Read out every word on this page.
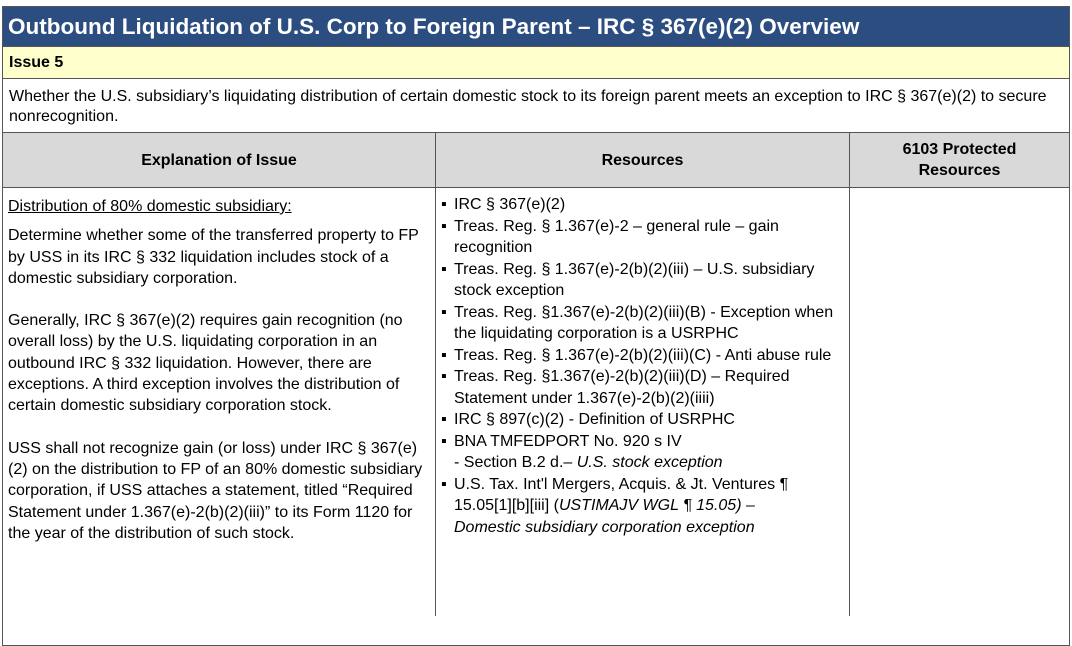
Outbound Liquidation of U.S. Corp to Foreign Parent – IRC § 367(e)(2) Overview
Issue 5
Whether the U.S. subsidiary’s liquidating distribution of certain domestic stock to its foreign parent meets an exception to IRC § 367(e)(2) to secure nonrecognition.
Explanation of Issue	Resources
6103 Protected
Resources

Distribution of 80% domestic subsidiary:

Determine whether some of the transferred property to FP by USS in its IRC § 332 liquidation includes stock of a domestic subsidiary corporation.

Generally, IRC § 367(e)(2) requires gain recognition (no overall loss) by the U.S. liquidating corporation in an outbound IRC § 332 liquidation. However, there are exceptions. A third exception involves the distribution of certain domestic subsidiary corporation stock.

USS shall not recognize gain (or loss) under IRC § 367(e)(2) on the distribution to FP of an 80% domestic subsidiary corporation, if USS attaches a statement, titled “Required Statement under 1.367(e)-2(b)(2)(iii)” to its Form 1120 for the year of the distribution of such stock.

▪ IRC § 367(e)(2)
▪ Treas. Reg. § 1.367(e)-2 – general rule – gain recognition
▪ Treas. Reg. § 1.367(e)-2(b)(2)(iii) – U.S. subsidiary stock exception
▪ Treas. Reg. §1.367(e)-2(b)(2)(iii)(B) - Exception when the liquidating corporation is a USRPHC
▪ Treas. Reg. § 1.367(e)-2(b)(2)(iii)(C) - Anti abuse rule
▪ Treas. Reg. §1.367(e)-2(b)(2)(iii)(D) – Required Statement under 1.367(e)-2(b)(2)(iiii)
▪ IRC § 897(c)(2) - Definition of USRPHC
▪ BNA TMFEDPORT No. 920 s IV
- Section B.2 d.– U.S. stock exception
▪ U.S. Tax. Int'l Mergers, Acquis. & Jt. Ventures ¶ 15.05[1][b][iii] (USTIMAJV WGL ¶ 15.05) –
Domestic subsidiary corporation exception
